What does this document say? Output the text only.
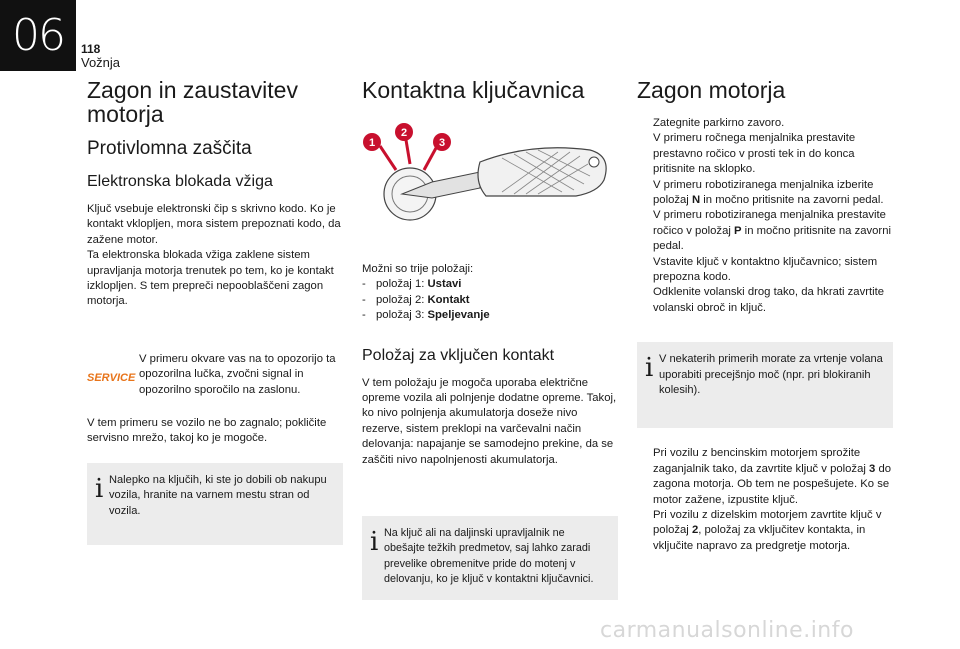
06	118
Vožnja
Zagon in zaustavitev motorja
Protivlomna zaščita
Elektronska blokada vžiga

Ključ vsebuje elektronski čip s skrivno kodo. Ko je kontakt vklopljen, mora sistem prepoznati kodo, da zažene motor.

Ta elektronska blokada vžiga zaklene sistem upravljanja motorja trenutek po tem, ko je kontakt izklopljen. S tem prepreči nepooblaščeni zagon motorja.

SERVICE

V primeru okvare vas na to opozorijo ta opozorilna lučka, zvočni signal in opozorilno sporočilo na zaslonu.

V tem primeru se vozilo ne bo zagnalo; pokličite servisno mrežo, takoj ko je mogoče.

i Nalepko na ključih, ki ste jo dobili ob nakupu vozila, hranite na varnem mestu stran od vozila.

Kontaktna ključavnica
1
2
3

Možni so trije položaji:

- položaj 1: Ustavi
- položaj 2: Kontakt
- položaj 3: Speljevanje
Položaj za vključen kontakt

V tem položaju je mogoča uporaba električne opreme vozila ali polnjenje dodatne opreme. Takoj, ko nivo polnjenja akumulatorja doseže nivo rezerve, sistem preklopi na varčevalni način delovanja: napajanje se samodejno prekine, da se zaščiti nivo napolnjenosti akumulatorja.

i Na ključ ali na daljinski upravljalnik ne obešajte težkih predmetov, saj lahko zaradi prevelike obremenitve pride do motenj v delovanju, ko je ključ v kontaktni ključavnici.

Zagon motorja
Zategnite parkirno zavoro.
V primeru ročnega menjalnika prestavite prestavno ročico v prosti tek in do konca pritisnite na sklopko.
V primeru robotiziranega menjalnika izberite položaj N in močno pritisnite na zavorni pedal.
V primeru robotiziranega menjalnika prestavite ročico v položaj P in močno pritisnite na zavorni pedal.
Vstavite ključ v kontaktno ključavnico; sistem prepozna kodo.
Odklenite volanski drog tako, da hkrati zavrtite volanski obroč in ključ.
i V nekaterih primerih morate za vrtenje volana uporabiti precejšnjo moč (npr. pri blokiranih kolesih).

Pri vozilu z bencinskim motorjem sprožite zaganjalnik tako, da zavrtite ključ v položaj 3 do zagona motorja. Ob tem ne pospešujete. Ko se motor zažene, izpustite ključ.
Pri vozilu z dizelskim motorjem zavrtite ključ v položaj 2, položaj za vključitev kontakta, in vključite napravo za predgretje motorja.
carmanualsonline.info
